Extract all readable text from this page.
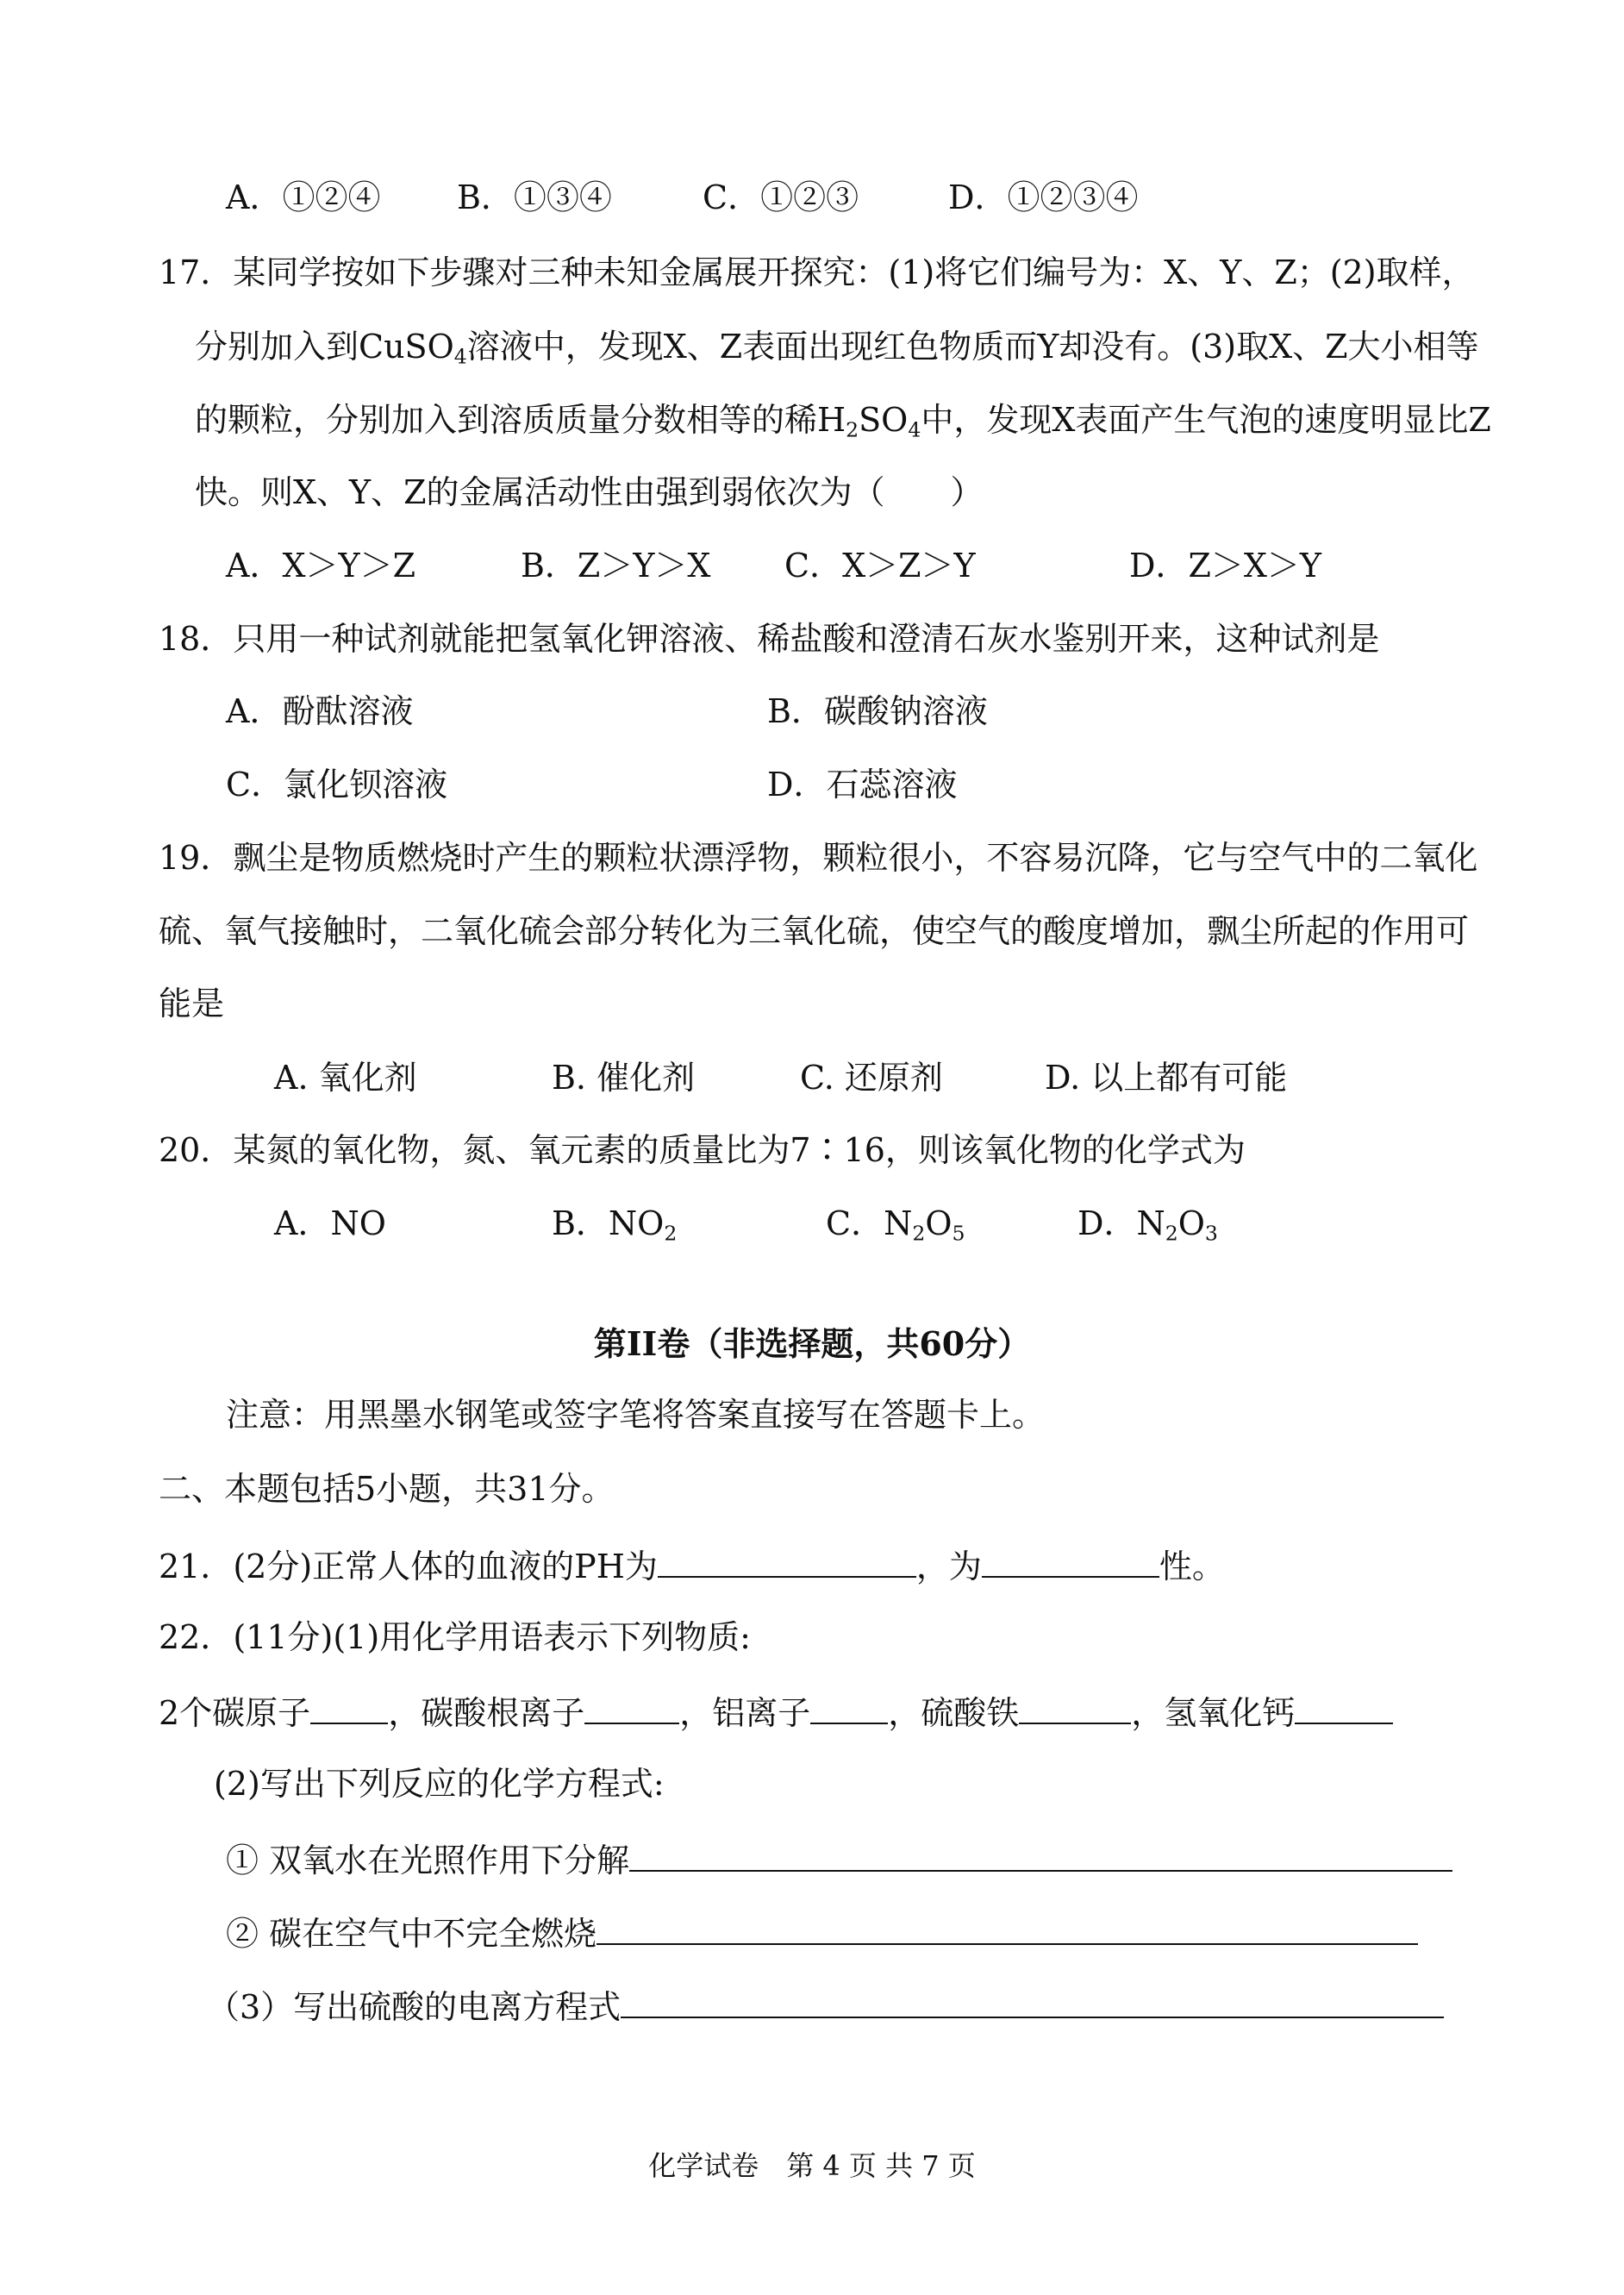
A．①②④ B．①③④	C．①②③	D．①②③④
17．某同学按如下步骤对三种未知金属展开探究：(1)将它们编号为：X、Y、Z；(2)取样，
分别加入到CuSO$_4$溶液中，发现X、Z表面出现红色物质而Y却没有。(3)取X、Z大小相等
的颗粒，分别加入到溶质质量分数相等的稀$H_2SO_4$中，发现X表面产生气泡的速度明显比Z
快。则X、Y、Z的金属活动性由强到弱依次为（　　）
A．X＞Y＞Z	B．Z＞Y＞X C．X＞Z＞Y	D．Z＞X＞Y
18．只用一种试剂就能把氢氧化钾溶液、稀盐酸和澄清石灰水鉴别开来，这种试剂是
A．酚酞溶液	B．碳酸钠溶液
C．氯化钡溶液	D．石蕊溶液
19．飘尘是物质燃烧时产生的颗粒状漂浮物，颗粒很小，不容易沉降，它与空气中的二氧化
硫、氧气接触时，二氧化硫会部分转化为三氧化硫，使空气的酸度增加，飘尘所起的作用可
能是
A. 氧化剂	B. 催化剂	C. 还原剂	D. 以上都有可能
20．某氮的氧化物，氮、氧元素的质量比为7∶16，则该氧化物的化学式为
A．NO	B．$NO_2$	C．$N_2O_5$	D．$N_2O_3$
第II卷（非选择题，共60分）
注意：用黑墨水钢笔或签字笔将答案直接写在答题卡上。
二、本题包括5小题，共31分。
21．(2分)正常人体的血液的PH为	，为	性。
22．(11分)(1)用化学用语表示下列物质:
2个碳原子 ，碳酸根离子	，铝离子 ，硫酸铁	，氢氧化钙
(2)写出下列反应的化学方程式:
① 双氧水在光照作用下分解
② 碳在空气中不完全燃烧
（3）写出硫酸的电离方程式
化学试卷　第 4 页 共 7 页
